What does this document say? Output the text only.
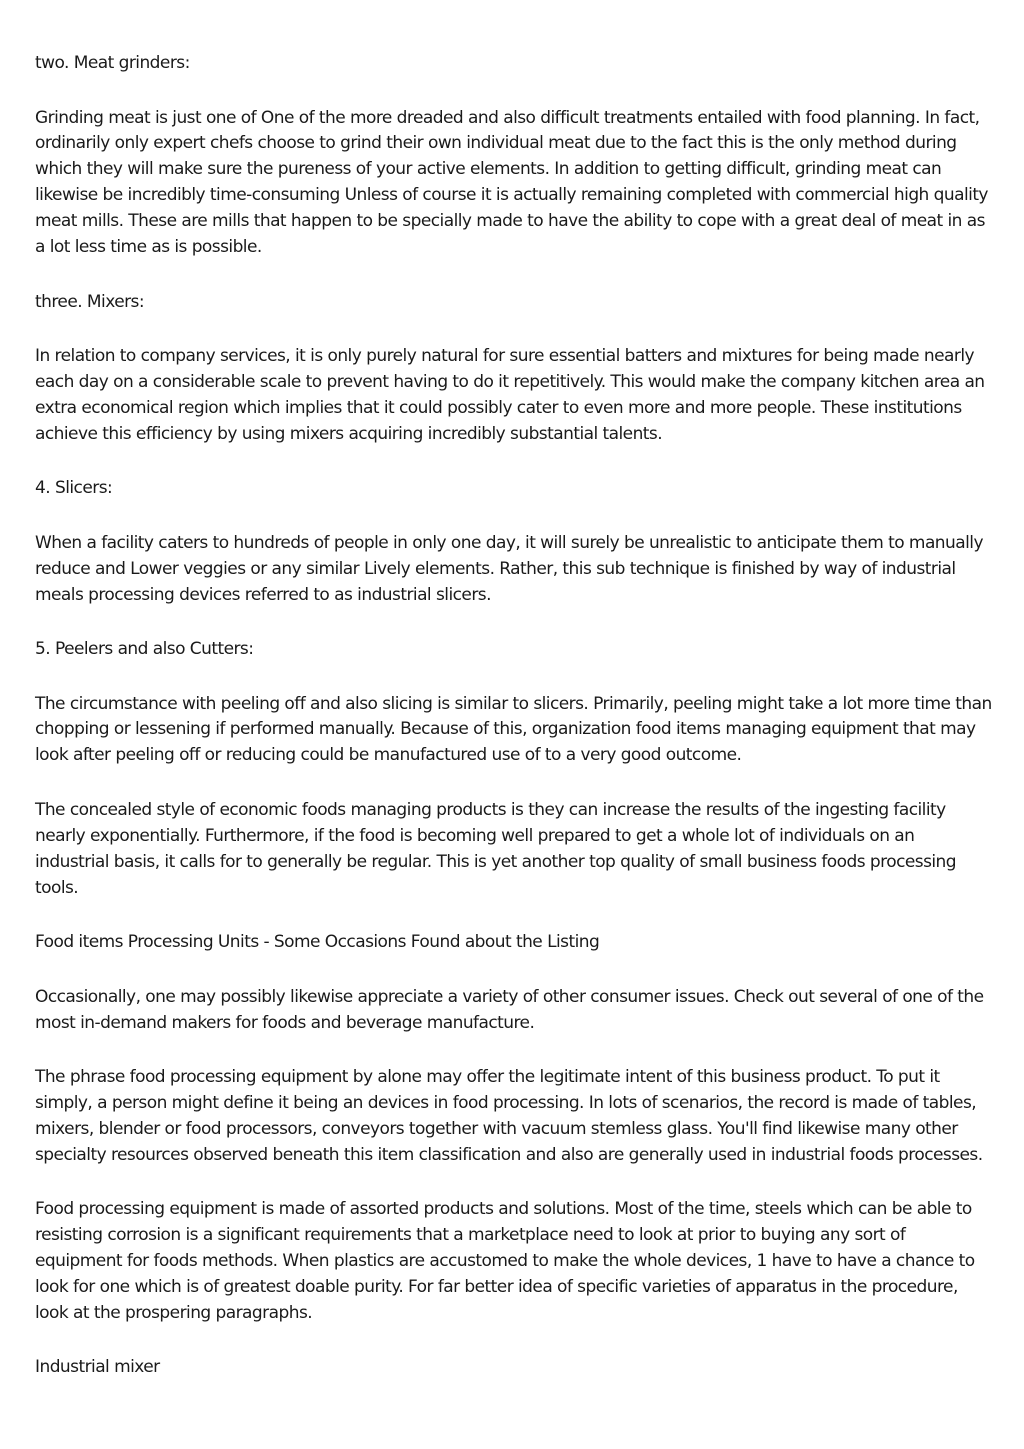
two. Meat grinders:

Grinding meat is just one of One of the more dreaded and also difficult treatments entailed with food planning. In fact, ordinarily only expert chefs choose to grind their own individual meat due to the fact this is the only method during which they will make sure the pureness of your active elements. In addition to getting difficult, grinding meat can likewise be incredibly time-consuming Unless of course it is actually remaining completed with commercial high quality meat mills. These are mills that happen to be specially made to have the ability to cope with a great deal of meat in as a lot less time as is possible.

three. Mixers:

In relation to company services, it is only purely natural for sure essential batters and mixtures for being made nearly each day on a considerable scale to prevent having to do it repetitively. This would make the company kitchen area an extra economical region which implies that it could possibly cater to even more and more people. These institutions achieve this efficiency by using mixers acquiring incredibly substantial talents.

4. Slicers:

When a facility caters to hundreds of people in only one day, it will surely be unrealistic to anticipate them to manually reduce and Lower veggies or any similar Lively elements. Rather, this sub technique is finished by way of industrial meals processing devices referred to as industrial slicers.

5. Peelers and also Cutters:

The circumstance with peeling off and also slicing is similar to slicers. Primarily, peeling might take a lot more time than chopping or lessening if performed manually. Because of this, organization food items managing equipment that may look after peeling off or reducing could be manufactured use of to a very good outcome.

The concealed style of economic foods managing products is they can increase the results of the ingesting facility nearly exponentially. Furthermore, if the food is becoming well prepared to get a whole lot of individuals on an industrial basis, it calls for to generally be regular. This is yet another top quality of small business foods processing tools.

Food items Processing Units - Some Occasions Found about the Listing

Occasionally, one may possibly likewise appreciate a variety of other consumer issues. Check out several of one of the most in-demand makers for foods and beverage manufacture.

The phrase food processing equipment by alone may offer the legitimate intent of this business product. To put it simply, a person might define it being an devices in food processing. In lots of scenarios, the record is made of tables, mixers, blender or food processors, conveyors together with vacuum stemless glass. You'll find likewise many other specialty resources observed beneath this item classification and also are generally used in industrial foods processes.

Food processing equipment is made of assorted products and solutions. Most of the time, steels which can be able to resisting corrosion is a significant requirements that a marketplace need to look at prior to buying any sort of equipment for foods methods. When plastics are accustomed to make the whole devices, 1 have to have a chance to look for one which is of greatest doable purity. For far better idea of specific varieties of apparatus in the procedure, look at the prospering paragraphs.

Industrial mixer
